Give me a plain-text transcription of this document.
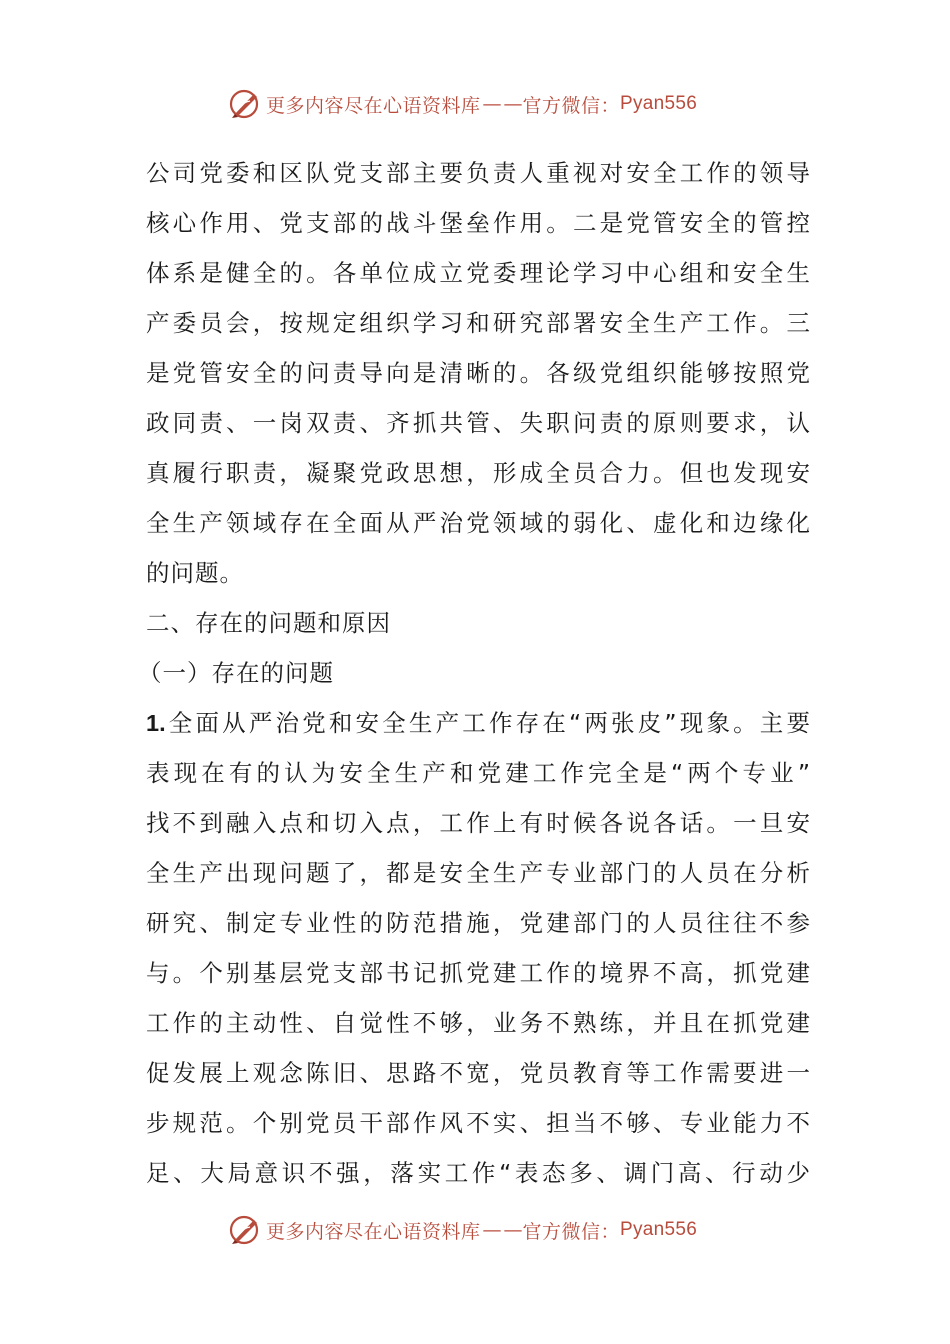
更多内容尽在心语资料库 — — 官方微信： Pyan556
公司党委和区队党支部主要负责人重视对安全工作的领导
核心作用、党支部的战斗堡垒作用。二是党管安全的管控
体系是健全的。各单位成立党委理论学习中心组和安全生
产委员会，按规定组织学习和研究部署安全生产工作。三
是党管安全的问责导向是清晰的。各级党组织能够按照党
政同责、一岗双责、齐抓共管、失职问责的原则要求，认
真履行职责，凝聚党政思想，形成全员合力。但也发现安
全生产领域存在全面从严治党领域的弱化、虚化和边缘化
的问题。
二、存在的问题和原因
（一）存在的问题
1.全面从严治党和安全生产工作存在“两张皮”现象。主要
表现在有的认为安全生产和党建工作完全是“两个专业”
找不到融入点和切入点，工作上有时候各说各话。一旦安
全生产出现问题了，都是安全生产专业部门的人员在分析
研究、制定专业性的防范措施，党建部门的人员往往不参
与。个别基层党支部书记抓党建工作的境界不高，抓党建
工作的主动性、自觉性不够，业务不熟练，并且在抓党建
促发展上观念陈旧、思路不宽，党员教育等工作需要进一
步规范。个别党员干部作风不实、担当不够、专业能力不
足、大局意识不强，落实工作“表态多、调门高、行动少
更多内容尽在心语资料库 — — 官方微信： Pyan556
